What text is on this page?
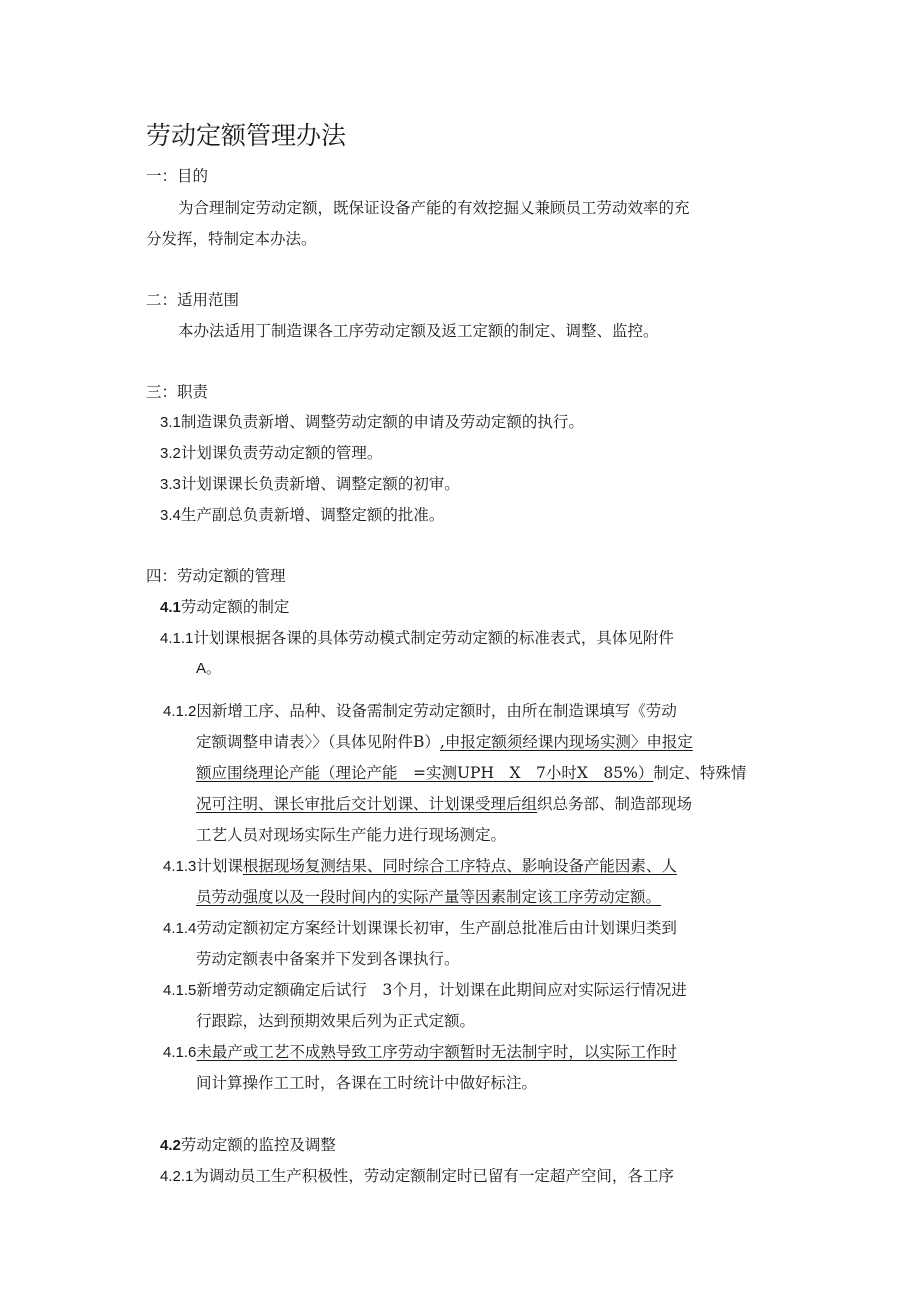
劳动定额管理办法
一：目的
为合理制定劳动定额，既保证设备产能的有效挖掘乂兼顾员工劳动效率的充
分发挥，特制定本办法。
二：适用范围
本办法适用丁制造课各工序劳动定额及返工定额的制定、调整、监控。
三：职责
3.1制造课负责新增、调整劳动定额的申请及劳动定额的执行。
3.2计划课负责劳动定额的管理。
3.3计划课课长负责新增、调整定额的初审。
3.4生产副总负责新增、调整定额的批准。
四：劳动定额的管理
4.1劳动定额的制定
4.1.1计划课根据各课的具体劳动模式制定劳动定额的标准表式，具体见附件
A。
4.1.2因新增工序、品种、设备需制定劳动定额时，由所在制造课填写《劳动
定额调整申请表〉〉（具体见附件B）,申报定额须经课内现场实测〉申报定
额应围绕理论产能（理论产能　=实测UPH　X　7小时X　85%）制定、特殊情
况可注明、课长审批后交计划课、计划课受理后组织总务部、制造部现场
工艺人员对现场实际生产能力进行现场测定。
4.1.3计划课根据现场复测结果、同时综合工序特点、影响设备产能因素、人
员劳动强度以及一段时间内的实际产量等因素制定该工序劳动定额。
4.1.4劳动定额初定方案经计划课课长初审，生产副总批准后由计划课归类到
劳动定额表中备案并下发到各课执行。
4.1.5新增劳动定额确定后试行　3个月，计划课在此期间应对实际运行情况进
行跟踪，达到预期效果后列为正式定额。
4.1.6未最产或工艺不成熟导致工序劳动宇额暂时无法制宇时，以实际工作时
间计算操作工工时，各课在工时统计中做好标注。
4.2劳动定额的监控及调整
4.2.1为调动员工生产积极性，劳动定额制定时已留有一定超产空间，各工序
